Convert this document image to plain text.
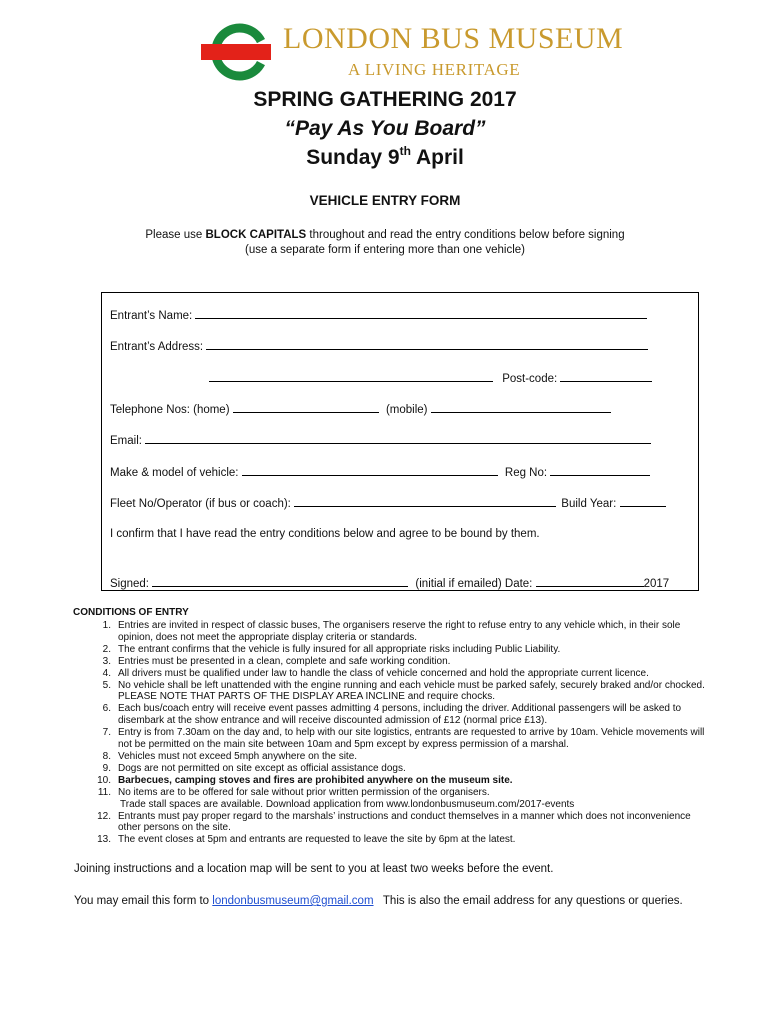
LONDON BUS MUSEUM
A LIVING HERITAGE
SPRING GATHERING 2017
“Pay As You Board”
Sunday 9th April
VEHICLE ENTRY FORM
Please use BLOCK CAPITALS throughout and read the entry conditions below before signing
(use a separate form if entering more than one vehicle)
Entrant’s Name:
Entrant’s Address:
Post-code:
Telephone Nos: (home)	(mobile)
Email:
Make & model of vehicle:	Reg No:
Fleet No/Operator (if bus or coach):	Build Year:
I confirm that I have read the entry conditions below and agree to be bound by them.
Signed:	(initial if emailed) Date:	2017
CONDITIONS OF ENTRY
1. Entries are invited in respect of classic buses, The organisers reserve the right to refuse entry to any vehicle which, in their sole opinion, does not meet the appropriate display criteria or standards.
2. The entrant confirms that the vehicle is fully insured for all appropriate risks including Public Liability.
3. Entries must be presented in a clean, complete and safe working condition.
4. All drivers must be qualified under law to handle the class of vehicle concerned and hold the appropriate current licence.
5. No vehicle shall be left unattended with the engine running and each vehicle must be parked safely, securely braked and/or chocked. PLEASE NOTE THAT PARTS OF THE DISPLAY AREA INCLINE and require chocks.
6. Each bus/coach entry will receive event passes admitting 4 persons, including the driver. Additional passengers will be asked to disembark at the show entrance and will receive discounted admission of £12 (normal price £13).
7. Entry is from 7.30am on the day and, to help with our site logistics, entrants are requested to arrive by 10am. Vehicle movements will not be permitted on the main site between 10am and 5pm except by express permission of a marshal.
8. Vehicles must not exceed 5mph anywhere on the site.
9. Dogs are not permitted on site except as official assistance dogs.
10. Barbecues, camping stoves and fires are prohibited anywhere on the museum site.
11. No items are to be offered for sale without prior written permission of the organisers.
Trade stall spaces are available. Download application from www.londonbusmuseum.com/2017-events
12. Entrants must pay proper regard to the marshals’ instructions and conduct themselves in a manner which does not inconvenience other persons on the site.
13. The event closes at 5pm and entrants are requested to leave the site by 6pm at the latest.
Joining instructions and a location map will be sent to you at least two weeks before the event.
You may email this form to londonbusmuseum@gmail.com   This is also the email address for any questions or queries.
